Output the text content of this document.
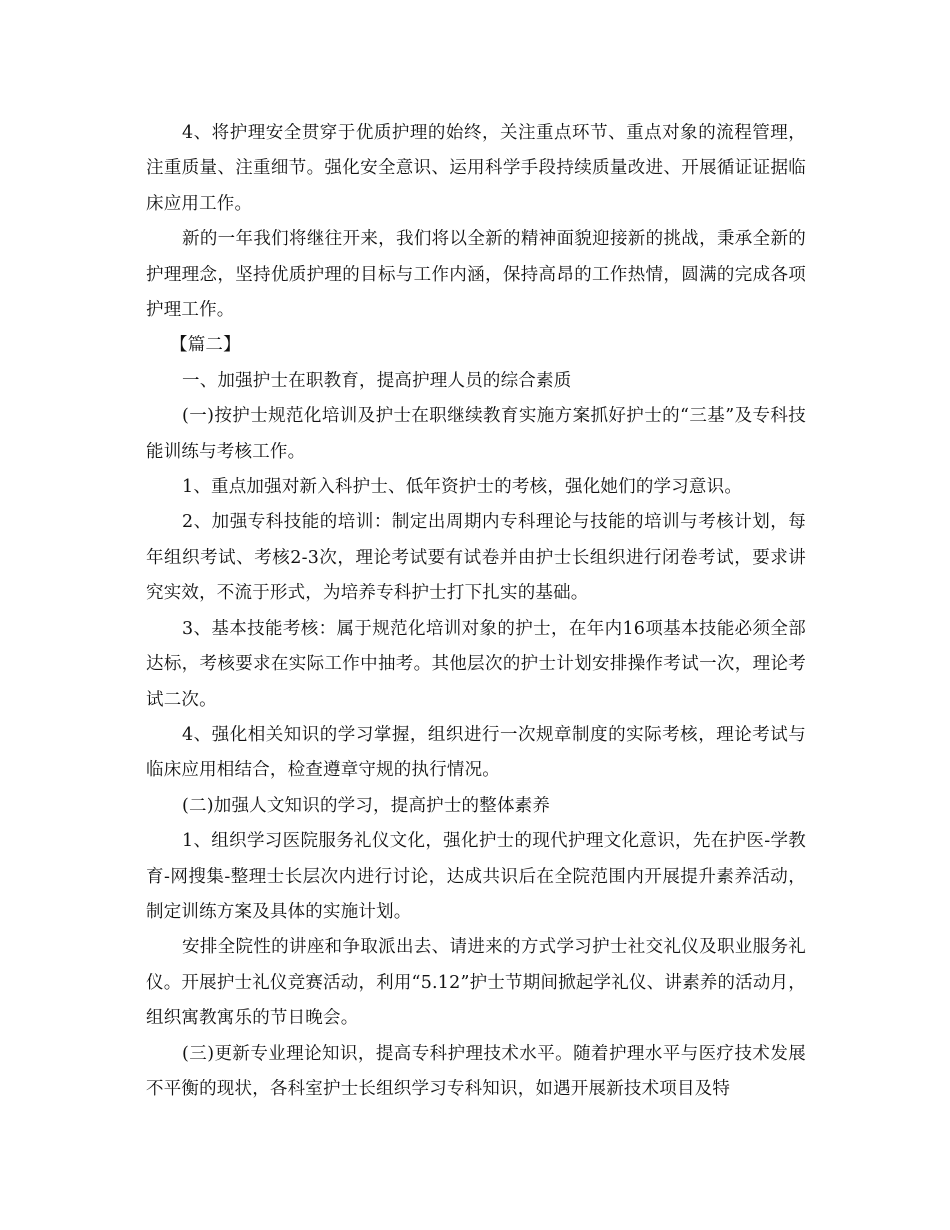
4、将护理安全贯穿于优质护理的始终，关注重点环节、重点对象的流程管理，注重质量、注重细节。强化安全意识、运用科学手段持续质量改进、开展循证证据临床应用工作。

新的一年我们将继往开来，我们将以全新的精神面貌迎接新的挑战，秉承全新的护理理念，坚持优质护理的目标与工作内涵，保持高昂的工作热情，圆满的完成各项护理工作。

【篇二】

一、加强护士在职教育，提高护理人员的综合素质

(一)按护士规范化培训及护士在职继续教育实施方案抓好护士的“三基”及专科技能训练与考核工作。

1、重点加强对新入科护士、低年资护士的考核，强化她们的学习意识。

2、加强专科技能的培训：制定出周期内专科理论与技能的培训与考核计划，每年组织考试、考核2-3次，理论考试要有试卷并由护士长组织进行闭卷考试，要求讲究实效，不流于形式，为培养专科护士打下扎实的基础。

3、基本技能考核：属于规范化培训对象的护士，在年内16项基本技能必须全部达标，考核要求在实际工作中抽考。其他层次的护士计划安排操作考试一次，理论考试二次。

4、强化相关知识的学习掌握，组织进行一次规章制度的实际考核，理论考试与临床应用相结合，检查遵章守规的执行情况。

(二)加强人文知识的学习，提高护士的整体素养

1、组织学习医院服务礼仪文化，强化护士的现代护理文化意识，先在护医-学教育-网搜集-整理士长层次内进行讨论，达成共识后在全院范围内开展提升素养活动，制定训练方案及具体的实施计划。

安排全院性的讲座和争取派出去、请进来的方式学习护士社交礼仪及职业服务礼仪。开展护士礼仪竞赛活动，利用“5.12”护士节期间掀起学礼仪、讲素养的活动月，组织寓教寓乐的节日晚会。

(三)更新专业理论知识，提高专科护理技术水平。随着护理水平与医疗技术发展不平衡的现状，各科室护士长组织学习专科知识，如遇开展新技术项目及特
